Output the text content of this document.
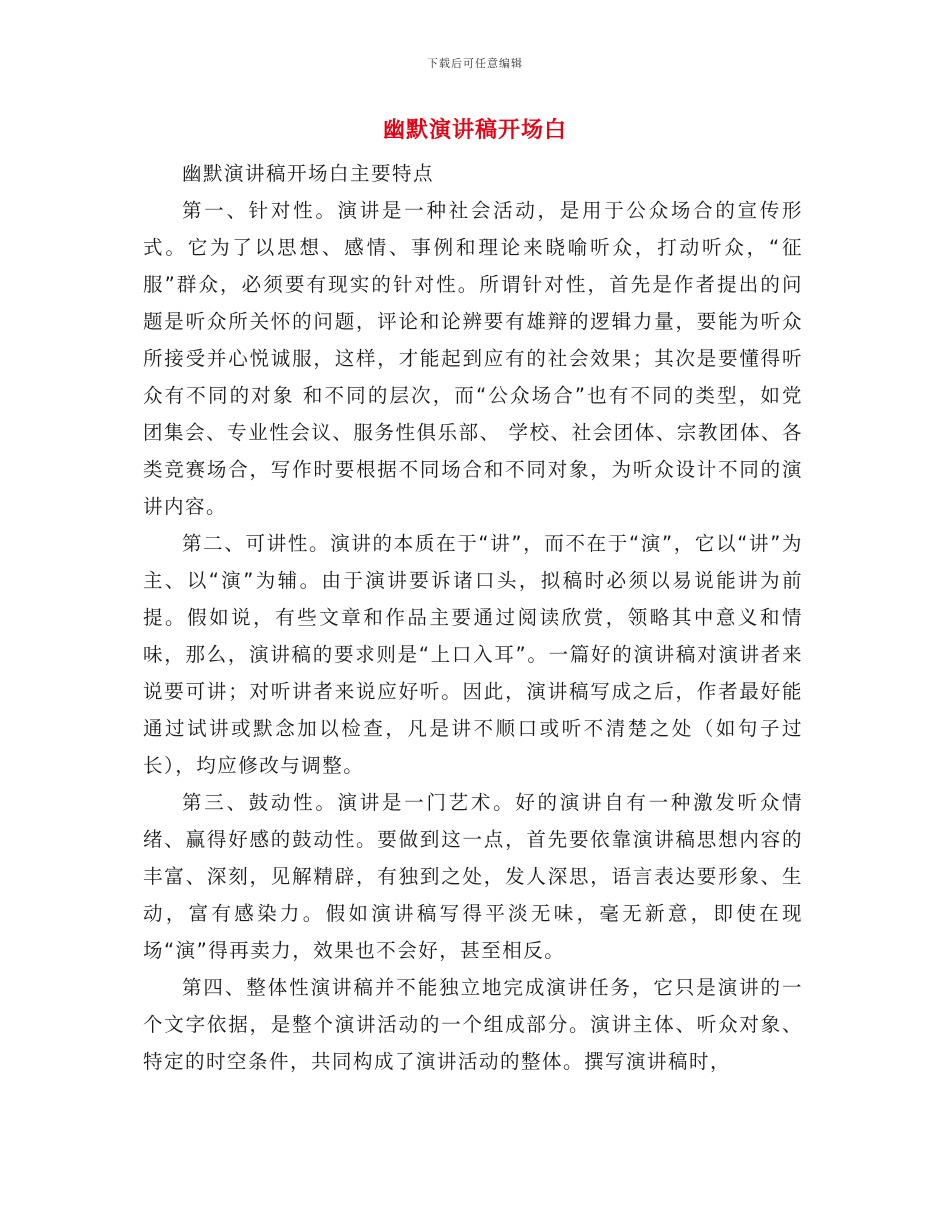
下载后可任意编辑
幽默演讲稿开场白

幽默演讲稿开场白主要特点

第一、针对性。演讲是一种社会活动，是用于公众场合的宣传形式。它为了以思想、感情、事例和理论来晓喻听众，打动听众，“征服”群众，必须要有现实的针对性。所谓针对性，首先是作者提出的问题是听众所关怀的问题，评论和论辨要有雄辩的逻辑力量，要能为听众所接受并心悦诚服，这样，才能起到应有的社会效果；其次是要懂得听众有不同的对象 和不同的层次，而“公众场合”也有不同的类型，如党团集会、专业性会议、服务性俱乐部、 学校、社会团体、宗教团体、各类竞赛场合，写作时要根据不同场合和不同对象，为听众设计不同的演讲内容。

第二、可讲性。演讲的本质在于“讲”，而不在于“演”，它以“讲”为主、以“演”为辅。由于演讲要诉诸口头，拟稿时必须以易说能讲为前提。假如说，有些文章和作品主要通过阅读欣赏，领略其中意义和情味，那么，演讲稿的要求则是“上口入耳”。一篇好的演讲稿对演讲者来说要可讲；对听讲者来说应好听。因此，演讲稿写成之后，作者最好能通过试讲或默念加以检查，凡是讲不顺口或听不清楚之处（如句子过长），均应修改与调整。

第三、鼓动性。演讲是一门艺术。好的演讲自有一种激发听众情绪、赢得好感的鼓动性。要做到这一点，首先要依靠演讲稿思想内容的丰富、深刻，见解精辟，有独到之处，发人深思，语言表达要形象、生动，富有感染力。假如演讲稿写得平淡无味，毫无新意，即使在现场“演”得再卖力，效果也不会好，甚至相反。

第四、整体性演讲稿并不能独立地完成演讲任务，它只是演讲的一个文字依据，是整个演讲活动的一个组成部分。演讲主体、听众对象、特定的时空条件，共同构成了演讲活动的整体。撰写演讲稿时，
